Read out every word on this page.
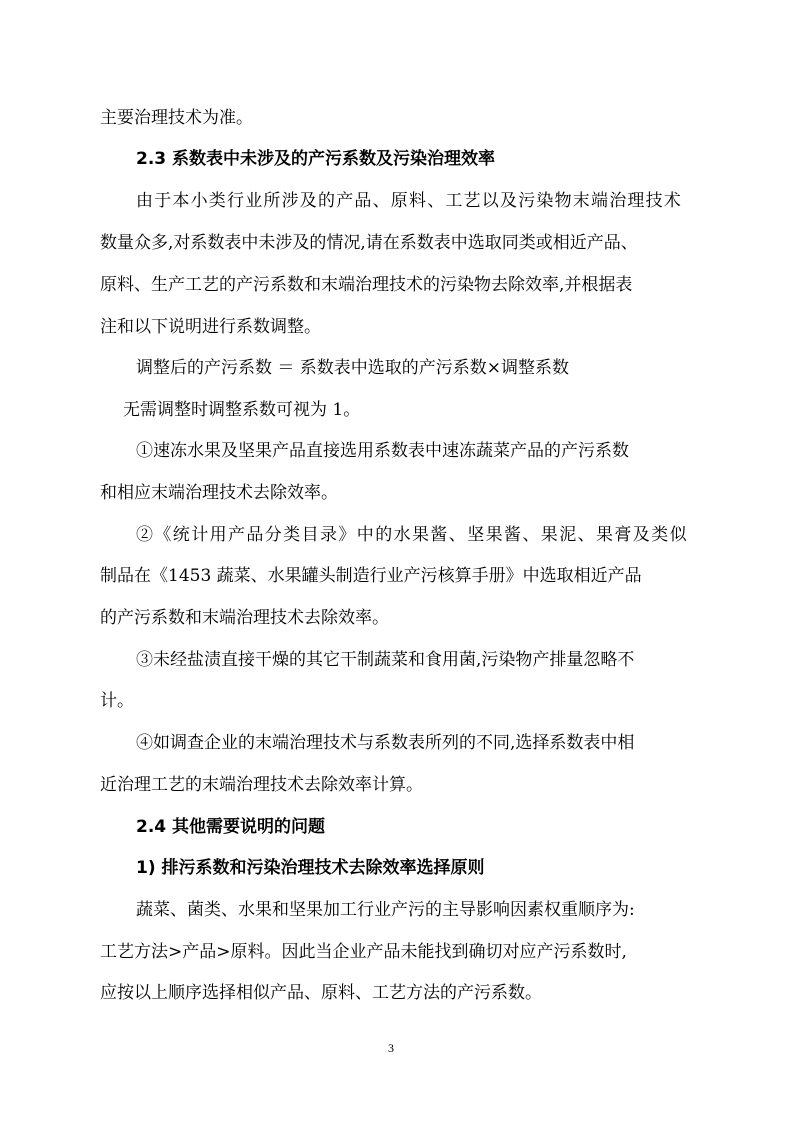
主要治理技术为准。
2.3 系数表中未涉及的产污系数及污染治理效率
由于本小类行业所涉及的产品、原料、工艺以及污染物末端治理技术
数量众多,对系数表中未涉及的情况,请在系数表中选取同类或相近产品、
原料、生产工艺的产污系数和末端治理技术的污染物去除效率,并根据表
注和以下说明进行系数调整。
调整后的产污系数 ＝ 系数表中选取的产污系数×调整系数
无需调整时调整系数可视为 1。
①速冻水果及坚果产品直接选用系数表中速冻蔬菜产品的产污系数
和相应末端治理技术去除效率。
②《统计用产品分类目录》中的水果酱、坚果酱、果泥、果膏及类似
制品在《1453 蔬菜、水果罐头制造行业产污核算手册》中选取相近产品
的产污系数和末端治理技术去除效率。
③未经盐渍直接干燥的其它干制蔬菜和食用菌,污染物产排量忽略不
计。
④如调查企业的末端治理技术与系数表所列的不同,选择系数表中相
近治理工艺的末端治理技术去除效率计算。
2.4 其他需要说明的问题
1) 排污系数和污染治理技术去除效率选择原则
蔬菜、菌类、水果和坚果加工行业产污的主导影响因素权重顺序为:
工艺方法>产品>原料。因此当企业产品未能找到确切对应产污系数时,
应按以上顺序选择相似产品、原料、工艺方法的产污系数。
3
